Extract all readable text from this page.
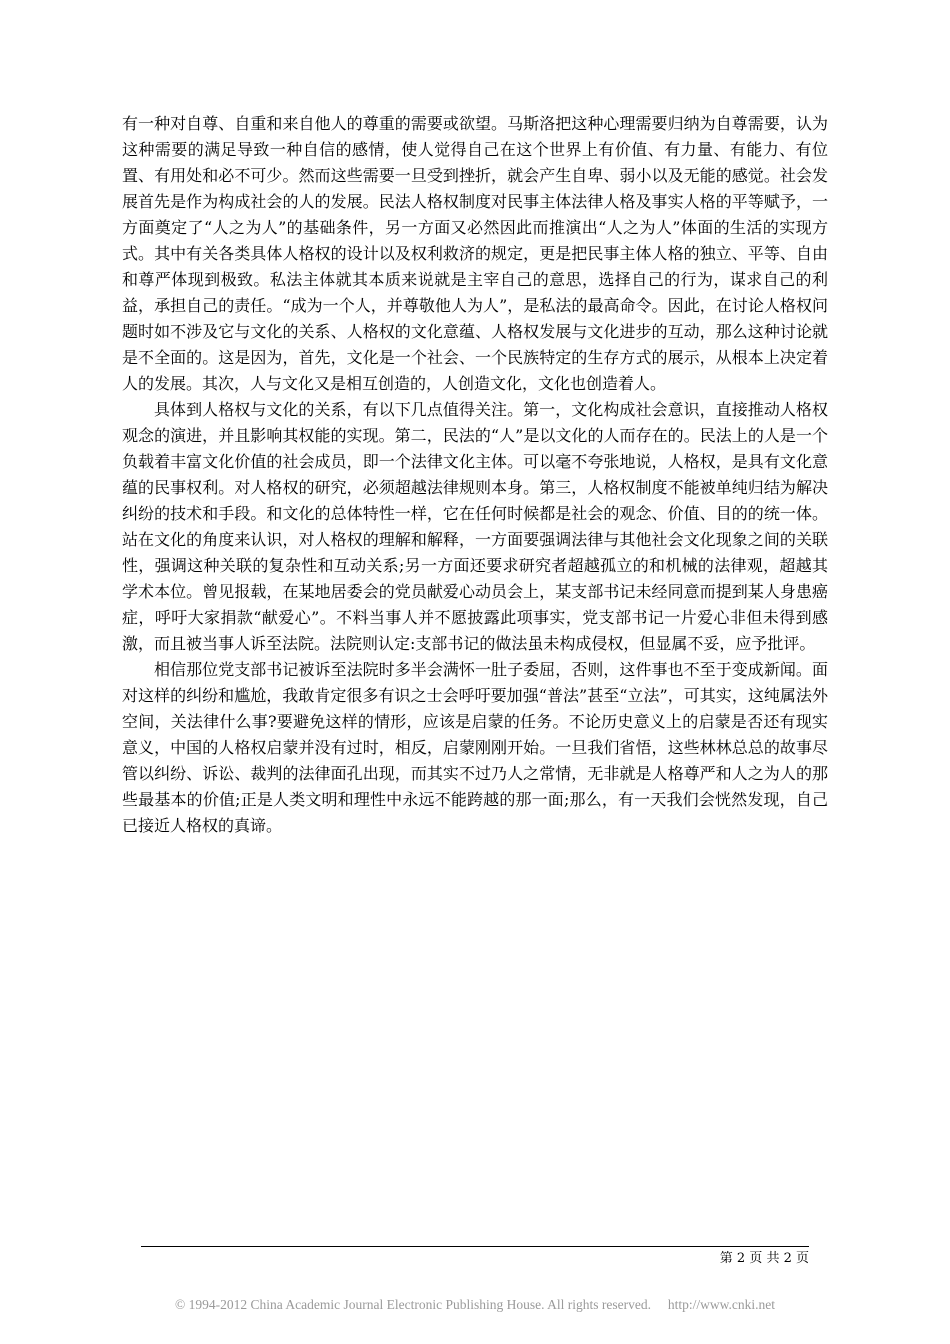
有一种对自尊、自重和来自他人的尊重的需要或欲望。马斯洛把这种心理需要归纳为自尊需要，认为这种需要的满足导致一种自信的感情，使人觉得自己在这个世界上有价值、有力量、有能力、有位置、有用处和必不可少。然而这些需要一旦受到挫折，就会产生自卑、弱小以及无能的感觉。社会发展首先是作为构成社会的人的发展。民法人格权制度对民事主体法律人格及事实人格的平等赋予，一方面奠定了“人之为人”的基础条件，另一方面又必然因此而推演出“人之为人”体面的生活的实现方式。其中有关各类具体人格权的设计以及权利救济的规定，更是把民事主体人格的独立、平等、自由和尊严体现到极致。私法主体就其本质来说就是主宰自己的意思，选择自己的行为，谋求自己的利益，承担自己的责任。“成为一个人，并尊敬他人为人”，是私法的最高命令。因此，在讨论人格权问题时如不涉及它与文化的关系、人格权的文化意蕴、人格权发展与文化进步的互动，那么这种讨论就是不全面的。这是因为，首先，文化是一个社会、一个民族特定的生存方式的展示，从根本上决定着人的发展。其次，人与文化又是相互创造的，人创造文化，文化也创造着人。

具体到人格权与文化的关系，有以下几点值得关注。第一，文化构成社会意识，直接推动人格权观念的演进，并且影响其权能的实现。第二，民法的“人”是以文化的人而存在的。民法上的人是一个负载着丰富文化价值的社会成员，即一个法律文化主体。可以毫不夸张地说，人格权，是具有文化意蕴的民事权利。对人格权的研究，必须超越法律规则本身。第三，人格权制度不能被单纯归结为解决纠纷的技术和手段。和文化的总体特性一样，它在任何时候都是社会的观念、价值、目的的统一体。站在文化的角度来认识，对人格权的理解和解释，一方面要强调法律与其他社会文化现象之间的关联性，强调这种关联的复杂性和互动关系;另一方面还要求研究者超越孤立的和机械的法律观，超越其学术本位。曾见报载，在某地居委会的党员献爱心动员会上，某支部书记未经同意而提到某人身患癌症，呼吁大家捐款“献爱心”。不料当事人并不愿披露此项事实，党支部书记一片爱心非但未得到感激，而且被当事人诉至法院。法院则认定:支部书记的做法虽未构成侵权，但显属不妥，应予批评。

相信那位党支部书记被诉至法院时多半会满怀一肚子委屈，否则，这件事也不至于变成新闻。面对这样的纠纷和尴尬，我敢肯定很多有识之士会呼吁要加强“普法”甚至“立法”，可其实，这纯属法外空间，关法律什么事?要避免这样的情形，应该是启蒙的任务。不论历史意义上的启蒙是否还有现实意义，中国的人格权启蒙并没有过时，相反，启蒙刚刚开始。一旦我们省悟，这些林林总总的故事尽管以纠纷、诉讼、裁判的法律面孔出现，而其实不过乃人之常情，无非就是人格尊严和人之为人的那些最基本的价值;正是人类文明和理性中永远不能跨越的那一面;那么，有一天我们会恍然发现，自己已接近人格权的真谛。

第 2 页 共 2 页
© 1994-2012 China Academic Journal Electronic Publishing House. All rights reserved.     http://www.cnki.net
